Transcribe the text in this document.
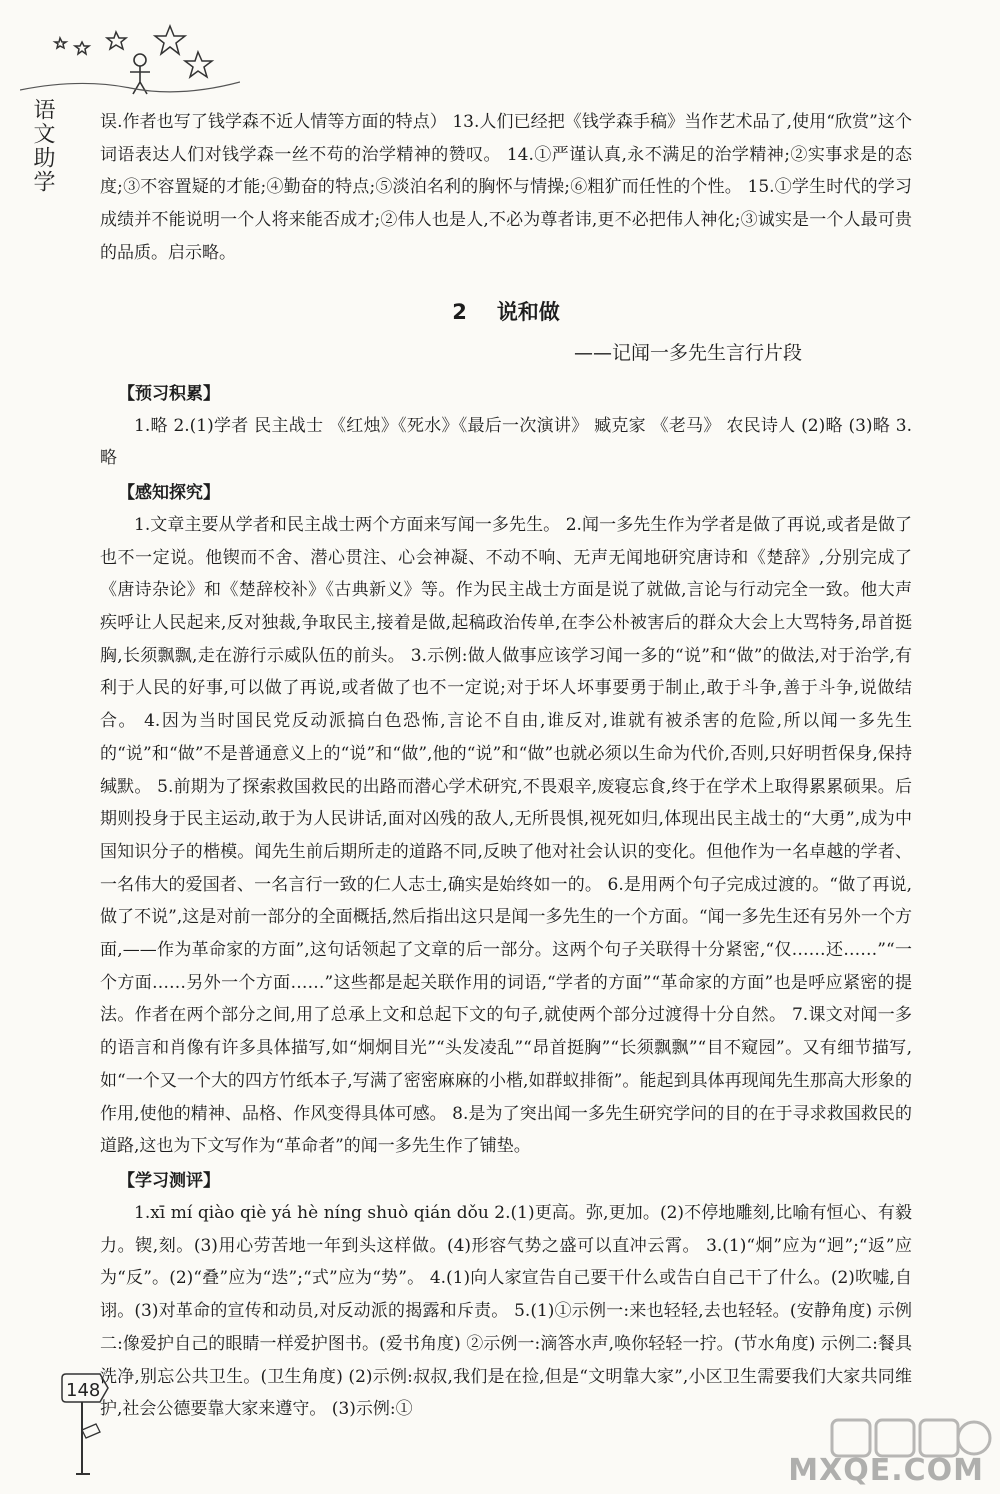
语文助学	误.作者也写了钱学森不近人情等方面的特点） 13.人们已经把《钱学森手稿》当作艺术品了,使用“欣赏”这个词语表达人们对钱学森一丝不苟的治学精神的赞叹。 14.①严谨认真,永不满足的治学精神;②实事求是的态度;③不容置疑的才能;④勤奋的特点;⑤淡泊名利的胸怀与情操;⑥粗犷而任性的个性。 15.①学生时代的学习成绩并不能说明一个人将来能否成才;②伟人也是人,不必为尊者讳,更不必把伟人神化;③诚实是一个人最可贵的品质。启示略。

2 说和做
——记闻一多先生言行片段
【预习积累】

1.略 2.(1)学者 民主战士 《红烛》《死水》《最后一次演讲》 臧克家 《老马》 农民诗人 (2)略 (3)略 3.略

【感知探究】

1.文章主要从学者和民主战士两个方面来写闻一多先生。 2.闻一多先生作为学者是做了再说,或者是做了也不一定说。他锲而不舍、潜心贯注、心会神凝、不动不响、无声无闻地研究唐诗和《楚辞》,分别完成了《唐诗杂论》和《楚辞校补》《古典新义》等。作为民主战士方面是说了就做,言论与行动完全一致。他大声疾呼让人民起来,反对独裁,争取民主,接着是做,起稿政治传单,在李公朴被害后的群众大会上大骂特务,昂首挺胸,长须飘飘,走在游行示威队伍的前头。 3.示例:做人做事应该学习闻一多的“说”和“做”的做法,对于治学,有利于人民的好事,可以做了再说,或者做了也不一定说;对于坏人坏事要勇于制止,敢于斗争,善于斗争,说做结合。 4.因为当时国民党反动派搞白色恐怖,言论不自由,谁反对,谁就有被杀害的危险,所以闻一多先生的“说”和“做”不是普通意义上的“说”和“做”,他的“说”和“做”也就必须以生命为代价,否则,只好明哲保身,保持缄默。 5.前期为了探索救国救民的出路而潜心学术研究,不畏艰辛,废寝忘食,终于在学术上取得累累硕果。后期则投身于民主运动,敢于为人民讲话,面对凶残的敌人,无所畏惧,视死如归,体现出民主战士的“大勇”,成为中国知识分子的楷模。闻先生前后期所走的道路不同,反映了他对社会认识的变化。但他作为一名卓越的学者、一名伟大的爱国者、一名言行一致的仁人志士,确实是始终如一的。 6.是用两个句子完成过渡的。“做了再说,做了不说”,这是对前一部分的全面概括,然后指出这只是闻一多先生的一个方面。“闻一多先生还有另外一个方面,——作为革命家的方面”,这句话领起了文章的后一部分。这两个句子关联得十分紧密,“仅……还……”“一个方面……另外一个方面……”这些都是起关联作用的词语,“学者的方面”“革命家的方面”也是呼应紧密的提法。作者在两个部分之间,用了总承上文和总起下文的句子,就使两个部分过渡得十分自然。 7.课文对闻一多的语言和肖像有许多具体描写,如“炯炯目光”“头发凌乱”“昂首挺胸”“长须飘飘”“目不窥园”。又有细节描写,如“一个又一个大的四方竹纸本子,写满了密密麻麻的小楷,如群蚁排衙”。能起到具体再现闻先生那高大形象的作用,使他的精神、品格、作风变得具体可感。 8.是为了突出闻一多先生研究学问的目的在于寻求救国救民的道路,这也为下文写作为“革命者”的闻一多先生作了铺垫。

【学习测评】

1.xī mí qiào qiè yá hè níng shuò qián dǒu 2.(1)更高。弥,更加。(2)不停地雕刻,比喻有恒心、有毅力。锲,刻。(3)用心劳苦地一年到头这样做。(4)形容气势之盛可以直冲云霄。 3.(1)“炯”应为“迥”;“返”应为“反”。(2)“叠”应为“迭”;“式”应为“势”。 4.(1)向人家宣告自己要干什么或告白自己干了什么。(2)吹嘘,自诩。(3)对革命的宣传和动员,对反动派的揭露和斥责。 5.(1)①示例一:来也轻轻,去也轻轻。(安静角度) 示例二:像爱护自己的眼睛一样爱护图书。(爱书角度) ②示例一:滴答水声,唤你轻轻一拧。(节水角度) 示例二:餐具洗净,别忘公共卫生。(卫生角度) (2)示例:叔叔,我们是在捡,但是“文明靠大家”,小区卫生需要我们大家共同维护,社会公德要靠大家来遵守。 (3)示例:①

148
MXQE.COM
